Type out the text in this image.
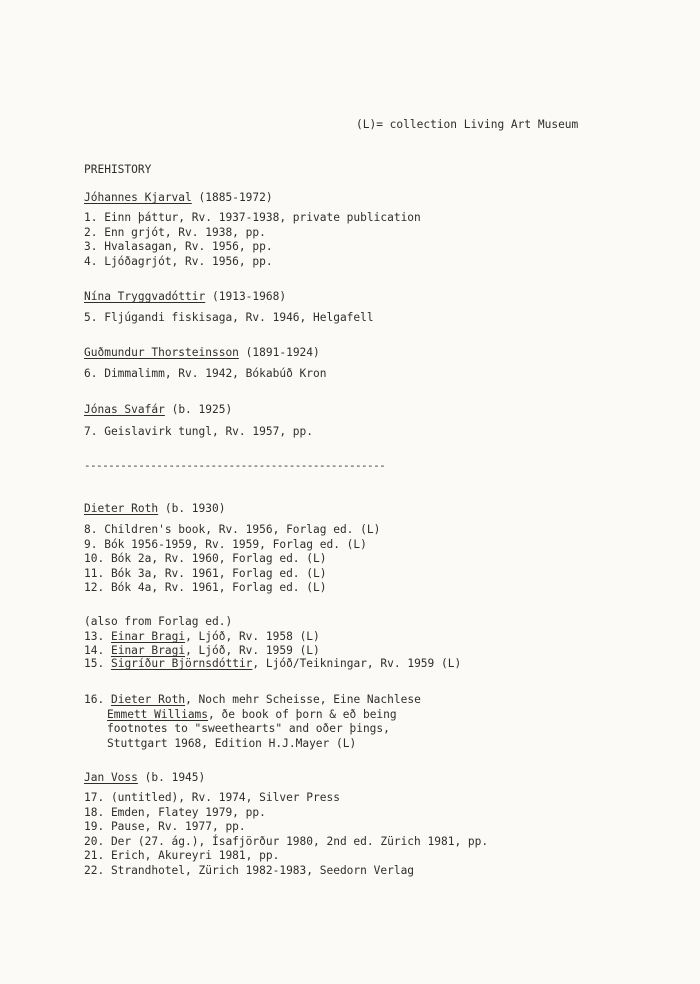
(L)= collection Living Art Museum
PREHISTORY
Jóhannes Kjarval (1885-1972)
1. Einn þáttur, Rv. 1937-1938, private publication
2. Enn grjót, Rv. 1938, pp.
3. Hvalasagan, Rv. 1956, pp.
4. Ljóðagrjót, Rv. 1956, pp.
Nína Tryggvadóttir (1913-1968)
5. Fljúgandi fiskisaga, Rv. 1946, Helgafell
Guðmundur Thorsteinsson (1891-1924)
6. Dimmalimm, Rv. 1942, Bókabúð Kron
Jónas Svafár (b. 1925)
7. Geislavirk tungl, Rv. 1957, pp.
--------------------------------------------------
Dieter Roth (b. 1930)
8. Children's book, Rv. 1956, Forlag ed. (L)
9. Bók 1956-1959, Rv. 1959, Forlag ed. (L)
10. Bók 2a, Rv. 1960, Forlag ed. (L)
11. Bók 3a, Rv. 1961, Forlag ed. (L)
12. Bók 4a, Rv. 1961, Forlag ed. (L)
(also from Forlag ed.)
13. Einar Bragi, Ljóð, Rv. 1958 (L)
14. Einar Bragi, Ljóð, Rv. 1959 (L)
15. Sigríður Björnsdóttir, Ljóð/Teikningar, Rv. 1959 (L)
16. Dieter Roth, Noch mehr Scheisse, Eine Nachlese
Emmett Williams, ðe book of þorn & eð being
footnotes to "sweethearts" and oðer þings,
Stuttgart 1968, Edition H.J.Mayer (L)
Jan Voss (b. 1945)
17. (untitled), Rv. 1974, Silver Press
18. Emden, Flatey 1979, pp.
19. Pause, Rv. 1977, pp.
20. Der (27. ág.), Ísafjörður 1980, 2nd ed. Zürich 1981, pp.
21. Erich, Akureyri 1981, pp.
22. Strandhotel, Zürich 1982-1983, Seedorn Verlag
